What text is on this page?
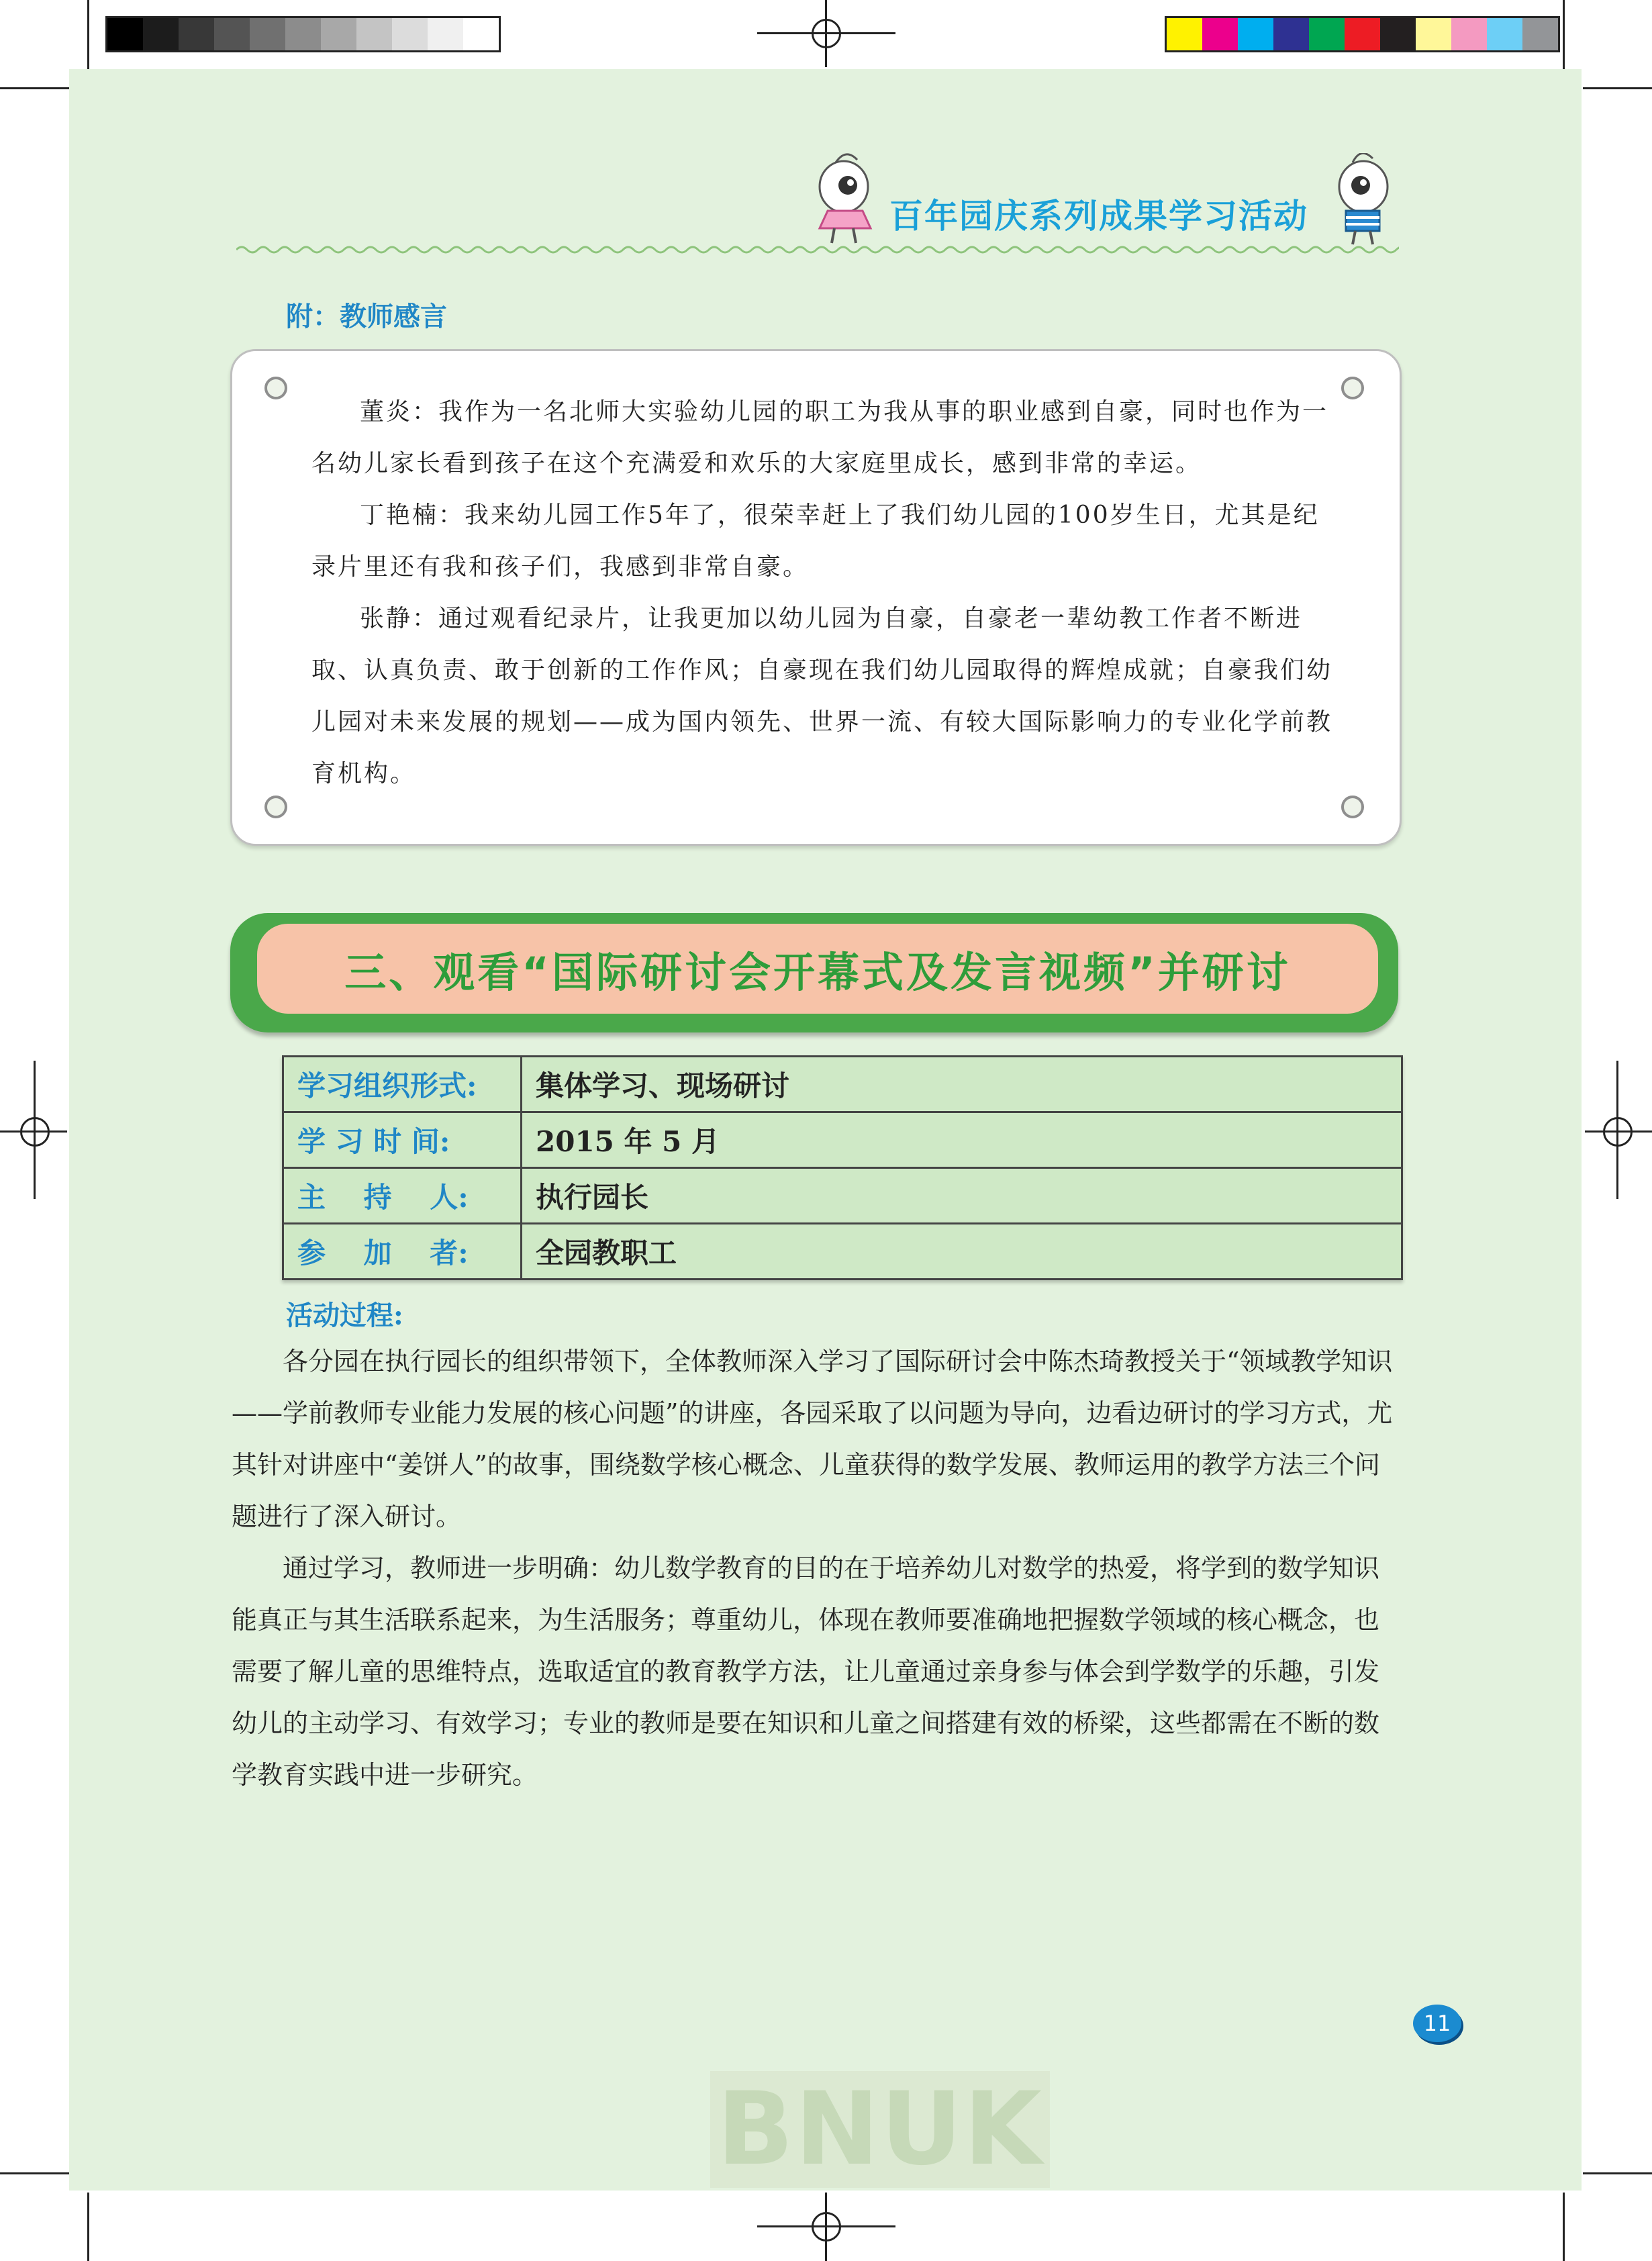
百年园庆系列成果学习活动
附：教师感言

董炎：我作为一名北师大实验幼儿园的职工为我从事的职业感到自豪，同时也作为一名幼儿家长看到孩子在这个充满爱和欢乐的大家庭里成长，感到非常的幸运。

丁艳楠：我来幼儿园工作5年了，很荣幸赶上了我们幼儿园的100岁生日，尤其是纪录片里还有我和孩子们，我感到非常自豪。

张静：通过观看纪录片，让我更加以幼儿园为自豪，自豪老一辈幼教工作者不断进取、认真负责、敢于创新的工作作风；自豪现在我们幼儿园取得的辉煌成就；自豪我们幼儿园对未来发展的规划——成为国内领先、世界一流、有较大国际影响力的专业化学前教育机构。

三、观看“国际研讨会开幕式及发言视频”并研讨
学习组织形式:	集体学习、现场研讨
学 习 时 间:	2015 年 5 月
主　 持　 人:	执行园长
参　 加　 者:	全园教职工
活动过程:

各分园在执行园长的组织带领下，全体教师深入学习了国际研讨会中陈杰琦教授关于“领域教学知识——学前教师专业能力发展的核心问题”的讲座，各园采取了以问题为导向，边看边研讨的学习方式，尤其针对讲座中“姜饼人”的故事，围绕数学核心概念、儿童获得的数学发展、教师运用的教学方法三个问题进行了深入研讨。

通过学习，教师进一步明确：幼儿数学教育的目的在于培养幼儿对数学的热爱，将学到的数学知识能真正与其生活联系起来，为生活服务；尊重幼儿，体现在教师要准确地把握数学领域的核心概念，也需要了解儿童的思维特点，选取适宜的教育教学方法，让儿童通过亲身参与体会到学数学的乐趣，引发幼儿的主动学习、有效学习；专业的教师是要在知识和儿童之间搭建有效的桥梁，这些都需在不断的数学教育实践中进一步研究。

11
BNUK
